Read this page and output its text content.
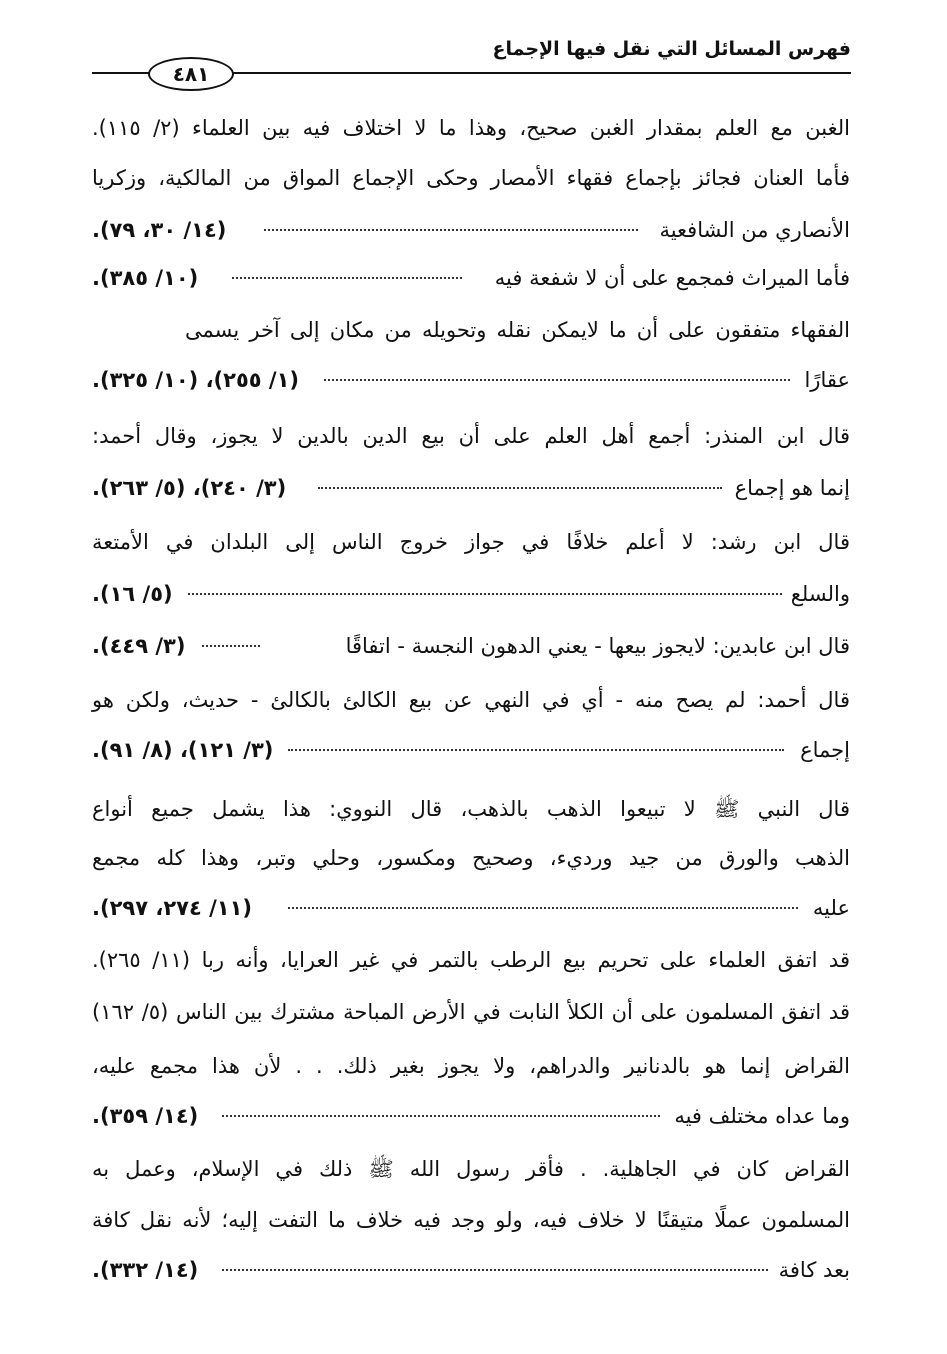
فهرس المسائل التي نقل فيها الإجماع
٤٨١
الغبن مع العلم بمقدار الغبن صحيح، وهذا ما لا اختلاف فيه بين العلماء (٢/ ١١٥).
فأما العنان فجائز بإجماع فقهاء الأمصار وحكى الإجماع المواق من المالكية، وزكريا
الأنصاري من الشافعية
(١٤/ ٣٠، ٧٩).
فأما الميراث فمجمع على أن لا شفعة فيه
(١٠/ ٣٨٥).
الفقهاء متفقون على أن ما لايمكن نقله وتحويله من مكان إلى آخر يسمى
عقارًا
(١/ ٢٥٥)، (١٠/ ٣٢٥).
قال ابن المنذر: أجمع أهل العلم على أن بيع الدين بالدين لا يجوز، وقال أحمد:
إنما هو إجماع
(٣/ ٢٤٠)، (٥/ ٢٦٣).
قال ابن رشد: لا أعلم خلافًا في جواز خروج الناس إلى البلدان في الأمتعة
والسلع
(٥/ ١٦).
قال ابن عابدين: لايجوز بيعها - يعني الدهون النجسة - اتفاقًا
(٣/ ٤٤٩).
قال أحمد: لم يصح منه - أي في النهي عن بيع الكالئ بالكالئ - حديث، ولكن هو
إجماع
(٣/ ١٢١)، (٨/ ٩١).
قال النبي ﷺ لا تبيعوا الذهب بالذهب، قال النووي: هذا يشمل جميع أنواع
الذهب والورق من جيد ورديء، وصحيح ومكسور، وحلي وتبر، وهذا كله مجمع
عليه
(١١/ ٢٧٤، ٢٩٧).
قد اتفق العلماء على تحريم بيع الرطب بالتمر في غير العرايا، وأنه ربا (١١/ ٢٦٥).
قد اتفق المسلمون على أن الكلأ النابت في الأرض المباحة مشترك بين الناس (٥/ ١٦٢)
القراض إنما هو بالدنانير والدراهم، ولا يجوز بغير ذلك. . . لأن هذا مجمع عليه،
وما عداه مختلف فيه
(١٤/ ٣٥٩).
القراض كان في الجاهلية. . فأقر رسول الله ﷺ ذلك في الإسلام، وعمل به
المسلمون عملًا متيقنًا لا خلاف فيه، ولو وجد فيه خلاف ما التفت إليه؛ لأنه نقل كافة
بعد كافة
(١٤/ ٣٣٢).
